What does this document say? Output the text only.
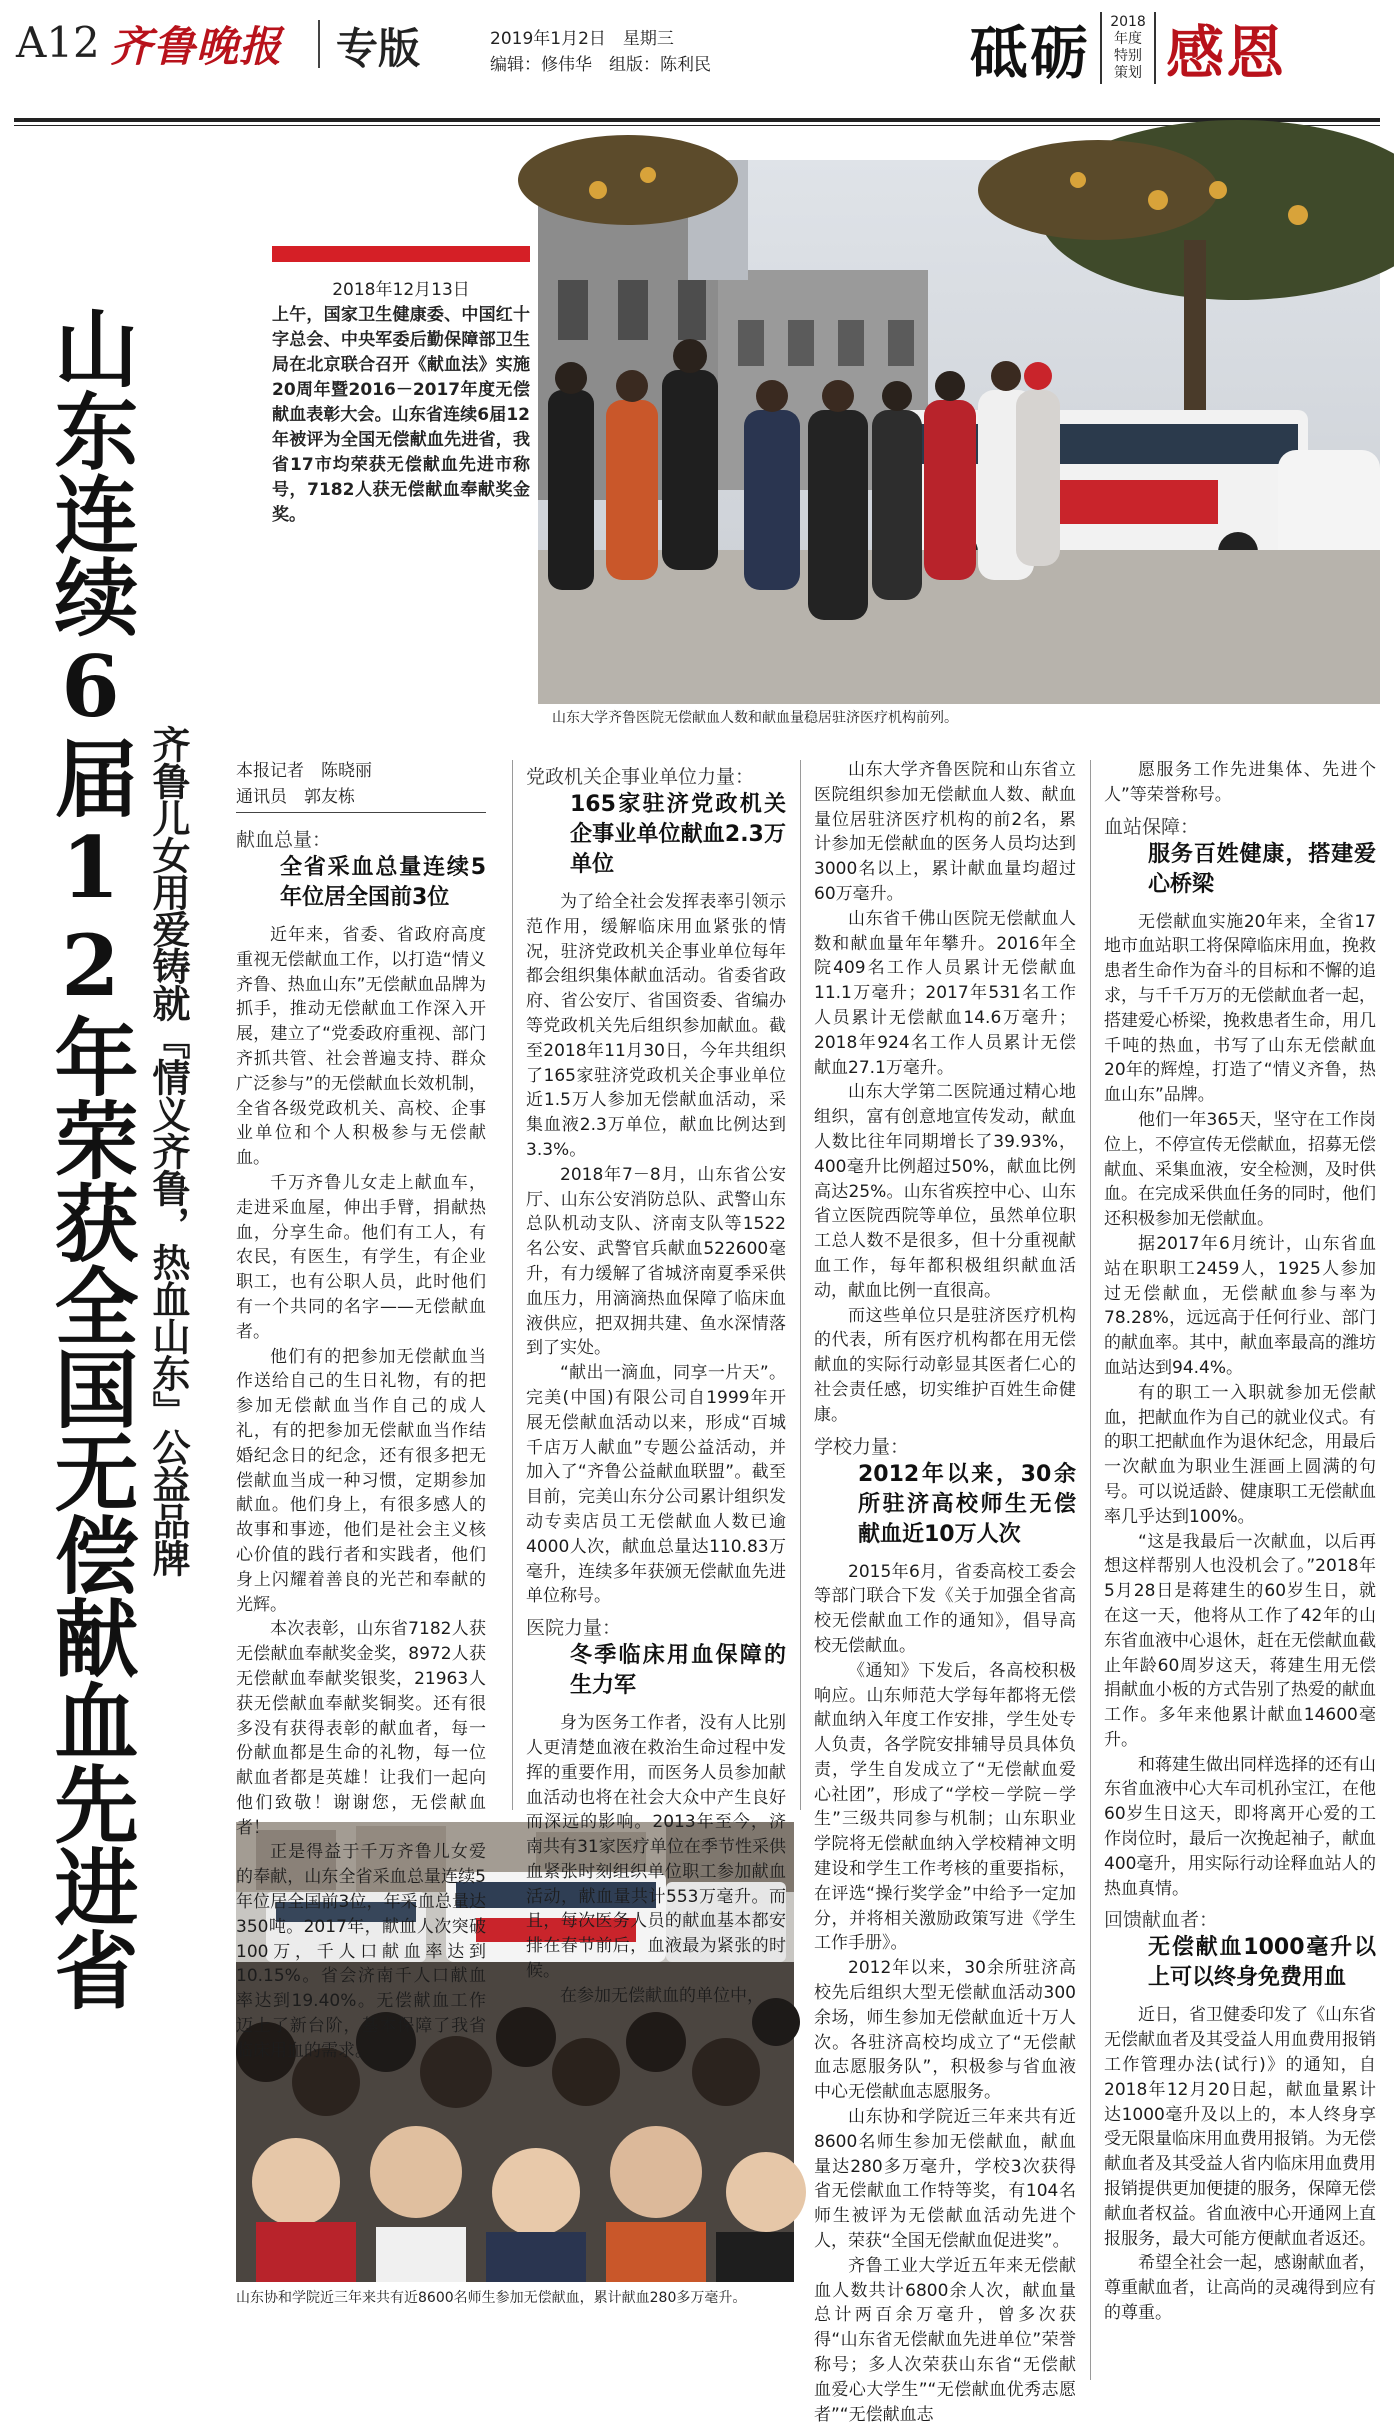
A12 齐鲁晚报 专版	2019年1月2日　星期三
编辑：修伟华　组版：陈利民	砥砺	2018
年度
特别
策划 感恩
山东连续6届12年荣获全国无偿献血先进省 齐鲁儿女用爱铸就『情义齐鲁，热血山东』公益品牌
2018年12月13日
上午，国家卫生健康委、中国红十字总会、中央军委后勤保障部卫生局在北京联合召开《献血法》实施20周年暨2016－2017年度无偿献血表彰大会。山东省连续6届12年被评为全国无偿献血先进省，我省17市均荣获无偿献血先进市称号，7182人获无偿献血奉献奖金奖。
山东大学齐鲁医院无偿献血人数和献血量稳居驻济医疗机构前列。
山东协和学院近三年来共有近8600名师生参加无偿献血，累计献血280多万毫升。
本报记者　陈晓丽
通讯员　郭友栋
献血总量：
全省采血总量连续5年位居全国前3位

近年来，省委、省政府高度重视无偿献血工作，以打造“情义齐鲁、热血山东”无偿献血品牌为抓手，推动无偿献血工作深入开展，建立了“党委政府重视、部门齐抓共管、社会普遍支持、群众广泛参与”的无偿献血长效机制，全省各级党政机关、高校、企事业单位和个人积极参与无偿献血。

千万齐鲁儿女走上献血车，走进采血屋，伸出手臂，捐献热血，分享生命。他们有工人，有农民，有医生，有学生，有企业职工，也有公职人员，此时他们有一个共同的名字——无偿献血者。

他们有的把参加无偿献血当作送给自己的生日礼物，有的把参加无偿献血当作自己的成人礼，有的把参加无偿献血当作结婚纪念日的纪念，还有很多把无偿献血当成一种习惯，定期参加献血。他们身上，有很多感人的故事和事迹，他们是社会主义核心价值的践行者和实践者，他们身上闪耀着善良的光芒和奉献的光辉。

本次表彰，山东省7182人获无偿献血奉献奖金奖，8972人获无偿献血奉献奖银奖，21963人获无偿献血奉献奖铜奖。还有很多没有获得表彰的献血者，每一份献血都是生命的礼物，每一位献血者都是英雄！让我们一起向他们致敬！谢谢您，无偿献血者！

正是得益于千万齐鲁儿女爱的奉献，山东全省采血总量连续5年位居全国前3位，年采血总量达350吨。2017年，献血人次突破100万，千人口献血率达到10.15%。省会济南千人口献血率达到19.40%。无偿献血工作迈上了新台阶，基本保障了我省临床用血的需求。

党政机关企事业单位力量：
165家驻济党政机关企事业单位献血2.3万单位

为了给全社会发挥表率引领示范作用，缓解临床用血紧张的情况，驻济党政机关企事业单位每年都会组织集体献血活动。省委省政府、省公安厅、省国资委、省编办等党政机关先后组织参加献血。截至2018年11月30日，今年共组织了165家驻济党政机关企事业单位近1.5万人参加无偿献血活动，采集血液2.3万单位，献血比例达到3.3%。

2018年7－8月，山东省公安厅、山东公安消防总队、武警山东总队机动支队、济南支队等1522名公安、武警官兵献血522600毫升，有力缓解了省城济南夏季采供血压力，用滴滴热血保障了临床血液供应，把双拥共建、鱼水深情落到了实处。

“献出一滴血，同享一片天”。完美(中国)有限公司自1999年开展无偿献血活动以来，形成“百城千店万人献血”专题公益活动，并加入了“齐鲁公益献血联盟”。截至目前，完美山东分公司累计组织发动专卖店员工无偿献血人数已逾4000人次，献血总量达110.83万毫升，连续多年获颁无偿献血先进单位称号。

医院力量：
冬季临床用血保障的生力军

身为医务工作者，没有人比别人更清楚血液在救治生命过程中发挥的重要作用，而医务人员参加献血活动也将在社会大众中产生良好而深远的影响。2013年至今，济南共有31家医疗单位在季节性采供血紧张时刻组织单位职工参加献血活动，献血量共计553万毫升。而且，每次医务人员的献血基本都安排在春节前后，血液最为紧张的时候。

在参加无偿献血的单位中，

山东大学齐鲁医院和山东省立医院组织参加无偿献血人数、献血量位居驻济医疗机构的前2名，累计参加无偿献血的医务人员均达到3000名以上，累计献血量均超过60万毫升。

山东省千佛山医院无偿献血人数和献血量年年攀升。2016年全院409名工作人员累计无偿献血11.1万毫升；2017年531名工作人员累计无偿献血14.6万毫升；2018年924名工作人员累计无偿献血27.1万毫升。

山东大学第二医院通过精心地组织，富有创意地宣传发动，献血人数比往年同期增长了39.93%，400毫升比例超过50%，献血比例高达25%。山东省疾控中心、山东省立医院西院等单位，虽然单位职工总人数不是很多，但十分重视献血工作，每年都积极组织献血活动，献血比例一直很高。

而这些单位只是驻济医疗机构的代表，所有医疗机构都在用无偿献血的实际行动彰显其医者仁心的社会责任感，切实维护百姓生命健康。

学校力量：
2012年以来，30余所驻济高校师生无偿献血近10万人次

2015年6月，省委高校工委会等部门联合下发《关于加强全省高校无偿献血工作的通知》，倡导高校无偿献血。

《通知》下发后，各高校积极响应。山东师范大学每年都将无偿献血纳入年度工作安排，学生处专人负责，各学院安排辅导员具体负责，学生自发成立了“无偿献血爱心社团”，形成了“学校－学院－学生”三级共同参与机制；山东职业学院将无偿献血纳入学校精神文明建设和学生工作考核的重要指标，在评选“操行奖学金”中给予一定加分，并将相关激励政策写进《学生工作手册》。

2012年以来，30余所驻济高校先后组织大型无偿献血活动300余场，师生参加无偿献血近十万人次。各驻济高校均成立了“无偿献血志愿服务队”，积极参与省血液中心无偿献血志愿服务。

山东协和学院近三年来共有近8600名师生参加无偿献血，献血量达280多万毫升，学校3次获得省无偿献血工作特等奖，有104名师生被评为无偿献血活动先进个人，荣获“全国无偿献血促进奖”。

齐鲁工业大学近五年来无偿献血人数共计6800余人次，献血量总计两百余万毫升，曾多次获得“山东省无偿献血先进单位”荣誉称号；多人次荣获山东省“无偿献血爱心大学生”“无偿献血优秀志愿者”“无偿献血志

愿服务工作先进集体、先进个人”等荣誉称号。

血站保障：
服务百姓健康，搭建爱心桥梁

无偿献血实施20年来，全省17地市血站职工将保障临床用血，挽救患者生命作为奋斗的目标和不懈的追求，与千千万万的无偿献血者一起，搭建爱心桥梁，挽救患者生命，用几千吨的热血，书写了山东无偿献血20年的辉煌，打造了“情义齐鲁，热血山东”品牌。

他们一年365天，坚守在工作岗位上，不停宣传无偿献血，招募无偿献血、采集血液，安全检测，及时供血。在完成采供血任务的同时，他们还积极参加无偿献血。

据2017年6月统计，山东省血站在职职工2459人，1925人参加过无偿献血，无偿献血参与率为78.28%，远远高于任何行业、部门的献血率。其中，献血率最高的潍坊血站达到94.4%。

有的职工一入职就参加无偿献血，把献血作为自己的就业仪式。有的职工把献血作为退休纪念，用最后一次献血为职业生涯画上圆满的句号。可以说适龄、健康职工无偿献血率几乎达到100%。

“这是我最后一次献血，以后再想这样帮别人也没机会了。”2018年5月28日是蒋建生的60岁生日，就在这一天，他将从工作了42年的山东省血液中心退休，赶在无偿献血截止年龄60周岁这天，蒋建生用无偿捐献血小板的方式告别了热爱的献血工作。多年来他累计献血14600毫升。

和蒋建生做出同样选择的还有山东省血液中心大车司机孙宝江，在他60岁生日这天，即将离开心爱的工作岗位时，最后一次挽起袖子，献血400毫升，用实际行动诠释血站人的热血真情。

回馈献血者：
无偿献血1000毫升以上可以终身免费用血

近日，省卫健委印发了《山东省无偿献血者及其受益人用血费用报销工作管理办法(试行)》的通知，自2018年12月20日起，献血量累计达1000毫升及以上的，本人终身享受无限量临床用血费用报销。为无偿献血者及其受益人省内临床用血费用报销提供更加便捷的服务，保障无偿献血者权益。省血液中心开通网上直报服务，最大可能方便献血者返还。

希望全社会一起，感谢献血者，尊重献血者，让高尚的灵魂得到应有的尊重。
